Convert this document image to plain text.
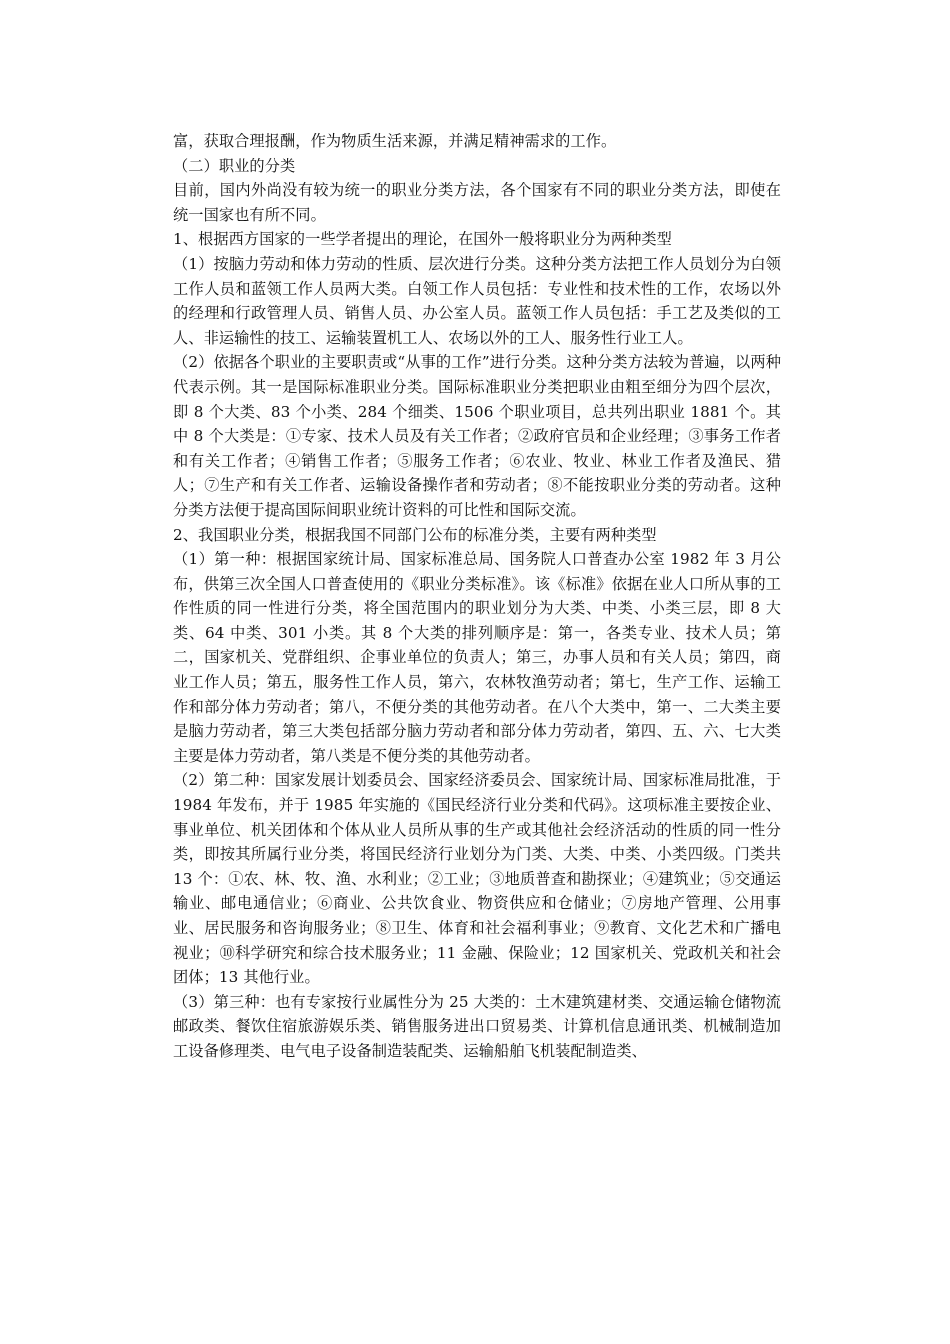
富，获取合理报酬，作为物质生活来源，并满足精神需求的工作。

（二）职业的分类

目前，国内外尚没有较为统一的职业分类方法，各个国家有不同的职业分类方法，即使在统一国家也有所不同。

1、根据西方国家的一些学者提出的理论，在国外一般将职业分为两种类型

（1）按脑力劳动和体力劳动的性质、层次进行分类。这种分类方法把工作人员划分为白领工作人员和蓝领工作人员两大类。白领工作人员包括：专业性和技术性的工作，农场以外的经理和行政管理人员、销售人员、办公室人员。蓝领工作人员包括：手工艺及类似的工人、非运输性的技工、运输装置机工人、农场以外的工人、服务性行业工人。

（2）依据各个职业的主要职责或“从事的工作”进行分类。这种分类方法较为普遍，以两种代表示例。其一是国际标准职业分类。国际标准职业分类把职业由粗至细分为四个层次，即 8 个大类、83 个小类、284 个细类、1506 个职业项目，总共列出职业 1881 个。其中 8 个大类是：①专家、技术人员及有关工作者；②政府官员和企业经理；③事务工作者和有关工作者；④销售工作者；⑤服务工作者；⑥农业、牧业、林业工作者及渔民、猎人；⑦生产和有关工作者、运输设备操作者和劳动者；⑧不能按职业分类的劳动者。这种分类方法便于提高国际间职业统计资料的可比性和国际交流。

2、我国职业分类，根据我国不同部门公布的标准分类，主要有两种类型

（1）第一种：根据国家统计局、国家标准总局、国务院人口普查办公室 1982 年 3 月公布，供第三次全国人口普查使用的《职业分类标准》。该《标准》依据在业人口所从事的工作性质的同一性进行分类，将全国范围内的职业划分为大类、中类、小类三层，即 8 大类、64 中类、301 小类。其 8 个大类的排列顺序是：第一，各类专业、技术人员；第二，国家机关、党群组织、企事业单位的负责人；第三，办事人员和有关人员；第四，商业工作人员；第五，服务性工作人员，第六，农林牧渔劳动者；第七，生产工作、运输工作和部分体力劳动者；第八，不便分类的其他劳动者。在八个大类中，第一、二大类主要是脑力劳动者，第三大类包括部分脑力劳动者和部分体力劳动者，第四、五、六、七大类主要是体力劳动者，第八类是不便分类的其他劳动者。

（2）第二种：国家发展计划委员会、国家经济委员会、国家统计局、国家标准局批准，于 1984 年发布，并于 1985 年实施的《国民经济行业分类和代码》。这项标准主要按企业、事业单位、机关团体和个体从业人员所从事的生产或其他社会经济活动的性质的同一性分类，即按其所属行业分类，将国民经济行业划分为门类、大类、中类、小类四级。门类共 13 个：①农、林、牧、渔、水利业；②工业；③地质普查和勘探业；④建筑业；⑤交通运输业、邮电通信业；⑥商业、公共饮食业、物资供应和仓储业；⑦房地产管理、公用事业、居民服务和咨询服务业；⑧卫生、体育和社会福利事业；⑨教育、文化艺术和广播电视业；⑩科学研究和综合技术服务业；11 金融、保险业；12 国家机关、党政机关和社会团体；13 其他行业。

（3）第三种：也有专家按行业属性分为 25 大类的：土木建筑建材类、交通运输仓储物流邮政类、餐饮住宿旅游娱乐类、销售服务进出口贸易类、计算机信息通讯类、机械制造加工设备修理类、电气电子设备制造装配类、运输船舶飞机装配制造类、
